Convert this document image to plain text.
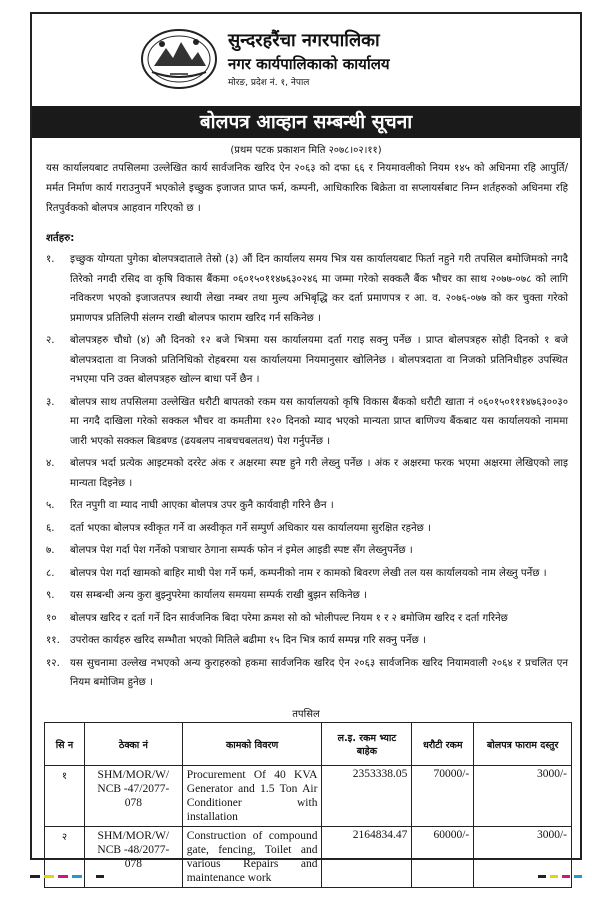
सुन्दरहरैंचा नगरपालिका
नगर कार्यपालिकाको कार्यालय
मोरङ, प्रदेश नं. १, नेपाल
बोलपत्र आव्हान सम्बन्धी सूचना
(प्रथम पटक प्रकाशन मिति २०७८।०२।११)
यस कार्यालयबाट तपसिलमा उल्लेखित कार्य सार्वजनिक खरिद ऐन २०६३ को दफा ६६ र नियमावलीको नियम १४५ को अधिनमा रहि आपुर्ति/मर्मत निर्माण कार्य गराउनुपर्ने भएकोले इच्छुक इजाजत प्राप्त फर्म, कम्पनी, आधिकारिक बिक्रेता वा सप्लायर्सबाट निम्न शर्तहरुको अधिनमा रहि रितपुर्वकको बोलपत्र आहवान गरिएको छ ।
शर्तहरु:
१.	इच्छुक योग्यता पुगेका बोलपत्रदाताले तेस्रो (३) औं दिन कार्यालय समय भित्र यस कार्यालयबाट फिर्ता नहुने गरी तपसिल बमोजिमको नगदै तिरेको नगदी रसिद वा कृषि विकास बैंकमा ०६०१५०११४७६३०२४६ मा जम्मा गरेको सक्कलै बैंक भौचर का साथ २०७७-०७८ को लागि नविकरण भएको इजाजतपत्र स्थायी लेखा नम्बर तथा मुल्य अभिबृद्धि कर दर्ता प्रमाणपत्र र आ. व. २०७६-०७७ को कर चुक्ता गरेको प्रमाणपत्र प्रतिलिपी संलग्न राखी बोलपत्र फाराम खरिद गर्न सकिनेछ ।
२.	बोलपत्रहरु चौधो (४) औ दिनको १२ बजे भित्रमा यस कार्यालयमा दर्ता गराइ सक्नु पर्नेछ । प्राप्त बोलपत्रहरु सोही दिनको १ बजे बोलपत्रदाता वा निजको प्रतिनिधिको रोहबरमा यस कार्यालयमा नियमानुसार खोलिनेछ । बोलपत्रदाता वा निजको प्रतिनिधीहरु उपस्थित नभएमा पनि उक्त बोलपत्रहरु खोल्न बाधा पर्ने छैन ।
३.	बोलपत्र साथ तपसिलमा उल्लेखित धरौटी बापतको रकम यस कार्यालयको कृषि विकास बैंकको धरौटी खाता नं ०६०१५०१११४७६३००३० मा नगदै दाखिला गरेको सक्कल भौचर वा कमतीमा १२० दिनको म्याद भएको मान्यता प्राप्त बाणिज्य बैंकबाट यस कार्यालयको नाममा जारी भएको सक्कल बिडबण्ड (ढयबलप नाबचचबलतथ) पेश गर्नुपर्नेछ ।
४.	बोलपत्र भर्दा प्रत्येक आइटमको दररेट अंक र अक्षरमा स्पष्ट हुने गरी लेख्नु पर्नेछ । अंक र अक्षरमा फरक भएमा अक्षरमा लेखिएको लाइ मान्यता दिइनेछ ।
५.	रित नपुगी वा म्याद नाघी आएका बोलपत्र उपर कुनै कार्यवाही गरिने छैन ।
६.	दर्ता भएका बोलपत्र स्वीकृत गर्ने वा अस्वीकृत गर्ने सम्पुर्ण अधिकार यस कार्यालयमा सुरक्षित रहनेछ ।
७.	बोलपत्र पेश गर्दा पेश गर्नेको पत्राचार ठेगाना सम्पर्क फोन नं इमेल आइडी स्पष्ट सँग लेख्नुपर्नेछ ।
८.	बोलपत्र पेश गर्दा खामको बाहिर माथी पेश गर्ने फर्म, कम्पनीको नाम र कामको बिवरण लेखी तल यस कार्यालयको नाम लेख्नु पर्नेछ ।
९.	यस सम्बन्धी अन्य कुरा बुझ्नुपरेमा कार्यालय समयमा सम्पर्क राखी बुझन सकिनेछ ।
१०	बोलपत्र खरिद र दर्ता गर्ने दिन सार्वजनिक बिदा परेमा क्रमश सो को भोलीपल्ट नियम १ र २ बमोजिम खरिद र दर्ता गरिनेछ
११. उपरोक्त कार्यहरु खरिद सम्भौता भएको मितिले बढीमा १५ दिन भित्र कार्य सम्पन्न गरि सक्नु पर्नेछ ।
१२. यस सुचनामा उल्लेख नभएको अन्य कुराहरुको हकमा सार्वजनिक खरिद ऐन २०६३ सार्वजनिक खरिद नियामवाली २०६४ र प्रचलित एन नियम बमोजिम हुनेछ ।
तपसिल
सि न	ठेक्का नं	कामको विवरण	ल.इ. रकम भ्याट बाहेक	धरौटी रकम	बोलपत्र फाराम दस्तुर
१	SHM/MOR/W/ NCB -47/2077-078	Procurement Of 40 KVA Generator and 1.5 Ton Air Conditioner with installation	2353338.05	70000/-	3000/-
२	SHM/MOR/W/ NCB -48/2077-078	Construction of compound gate, fencing, Toilet and various Repairs and maintenance work	2164834.47	60000/-	3000/-
